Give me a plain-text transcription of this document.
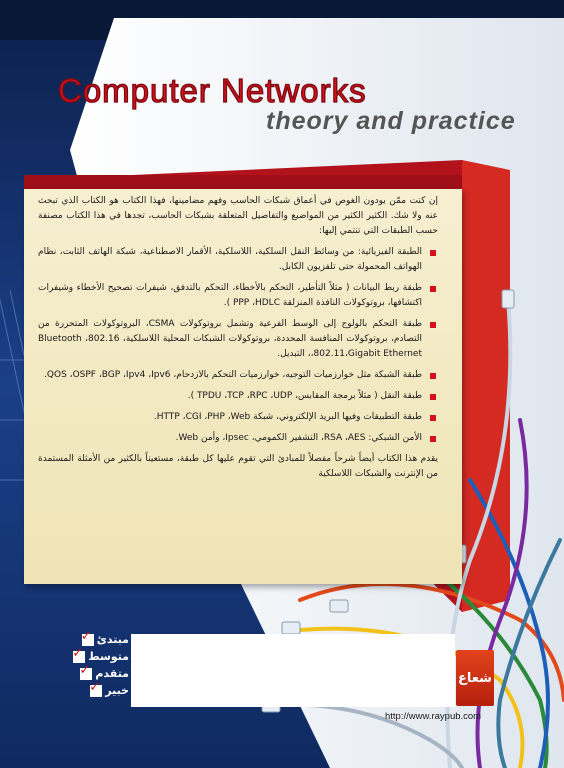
Computer Networks
theory and practice

إن كنت ممّن يودون الغوص في أعماق شبكات الحاسب وفهم مضامينها، فهذا الكتاب هو الكتاب الذي تبحث عنه ولا شك. الكثير الكثير من المواضيع والتفاصيل المتعلقة بشبكات الحاسب، تجدها في هذا الكتاب مصنفة حسب الطبقات التي تنتمي إليها:

الطبقة الفيزيائية: من وسائط النقل السلكية، اللاسلكية، الأقمار الاصطناعية، شبكة الهاتف الثابت، نظام الهواتف المحمولة حتى تلفزيون الكابل.
طبقة ربط البيانات ( مثلاً التأطير، التحكم بالأخطاء، التحكم بالتدفق، شيفرات تصحيح الأخطاء وشيفرات اكتشافها، بروتوكولات النافذة المنزلقة PPP ،HDLC ).
طبقة التحكم بالولوج إلى الوسط الفرعية وتشمل بروتوكولات CSMA، البروتوكولات المتحررة من التصادم، بروتوكولات المنافسة المحددة، بروتوكولات الشبكات المحلية اللاسلكية، Bluetooth ،802.16 ،802.11،Gigabit Ethernet، التبديل.
طبقة الشبكة مثل خوارزميات التوجيه، خوارزميات التحكم بالازدحام، QOS ،OSPF ،BGP ،Ipv4 ،Ipv6.
طبقة النقل ( مثلاً برمجة المقابس، TPDU ،TCP ،RPC ،UDP ).
طبقة التطبيقات وفيها البريد الإلكتروني، شبكة HTTP ،CGI ،PHP ،Web.
الأمن الشبكي: RSA ،AES، التشفير الكمومي، Ipsec، وأمن Web.

يقدم هذا الكتاب أيضاً شرحاً مفصلاً للمبادئ التي تقوم عليها كل طبقة، مستعيناً بالكثير من الأمثلة المستمدة من الإنترنت والشبكات اللاسلكية

مبتدئ
✓
متوسط
✓
متقدم
✓
خبير
✓
شعاع
http://www.raypub.com
